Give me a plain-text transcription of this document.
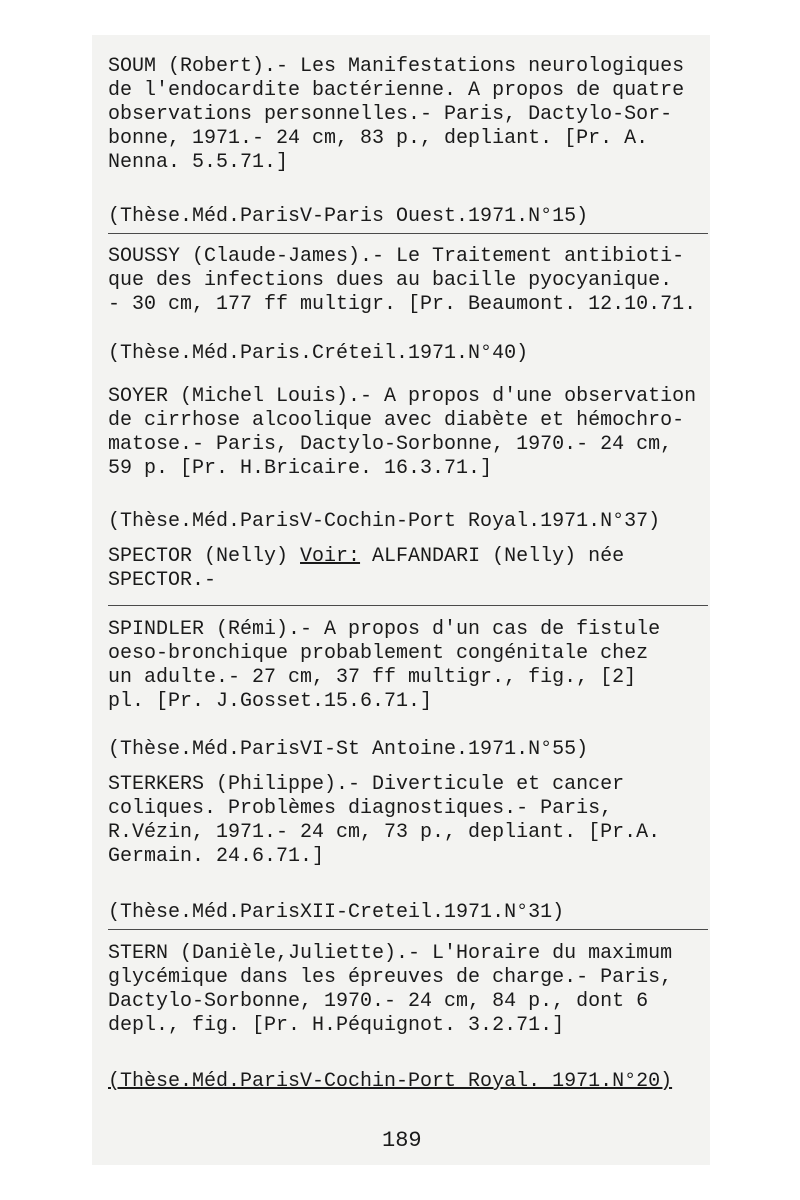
SOUM (Robert).- Les Manifestations neurologiques
de l'endocardite bactérienne. A propos de quatre
observations personnelles.- Paris, Dactylo-Sor-
bonne, 1971.- 24 cm, 83 p., depliant. [Pr. A.
Nenna. 5.5.71.]
(Thèse.Méd.ParisV-Paris Ouest.1971.N°15)
SOUSSY (Claude-James).- Le Traitement antibioti-
que des infections dues au bacille pyocyanique.
- 30 cm, 177 ff multigr. [Pr. Beaumont. 12.10.71.
(Thèse.Méd.Paris.Créteil.1971.N°40)
SOYER (Michel Louis).- A propos d'une observation
de cirrhose alcoolique avec diabète et hémochro-
matose.- Paris, Dactylo-Sorbonne, 1970.- 24 cm,
59 p. [Pr. H.Bricaire. 16.3.71.]
(Thèse.Méd.ParisV-Cochin-Port Royal.1971.N°37)
SPECTOR (Nelly) Voir: ALFANDARI (Nelly) née
SPECTOR.-
SPINDLER (Rémi).- A propos d'un cas de fistule
oeso-bronchique probablement congénitale chez
un adulte.- 27 cm, 37 ff multigr., fig., [2]
pl. [Pr. J.Gosset.15.6.71.]
(Thèse.Méd.ParisVI-St Antoine.1971.N°55)
STERKERS (Philippe).- Diverticule et cancer
coliques. Problèmes diagnostiques.- Paris,
R.Vézin, 1971.- 24 cm, 73 p., depliant. [Pr.A.
Germain. 24.6.71.]
(Thèse.Méd.ParisXII-Creteil.1971.N°31)
STERN (Danièle,Juliette).- L'Horaire du maximum
glycémique dans les épreuves de charge.- Paris,
Dactylo-Sorbonne, 1970.- 24 cm, 84 p., dont 6
depl., fig. [Pr. H.Péquignot. 3.2.71.]
(Thèse.Méd.ParisV-Cochin-Port Royal. 1971.N°20)
189
